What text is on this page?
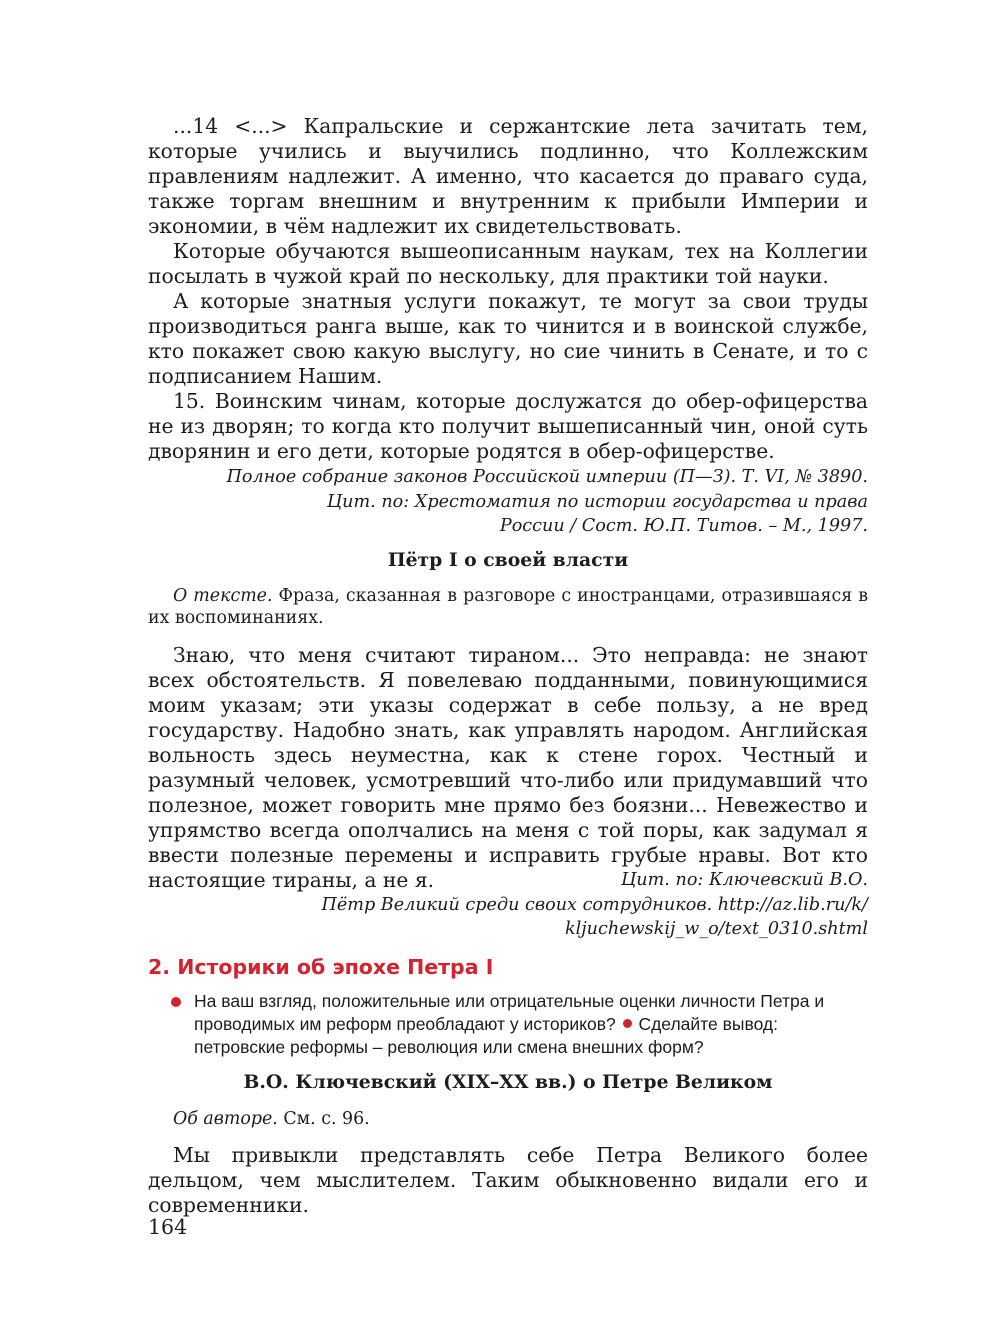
...14 <...> Капральские и сержантские лета зачитать тем, которые учились и выучились подлинно, что Коллежским правлениям надлежит. А именно, что касается до праваго суда, также торгам внешним и внутренним к прибыли Империи и экономии, в чём надлежит их свидетельствовать.

Которые обучаются вышеописанным наукам, тех на Коллегии посылать в чужой край по нескольку, для практики той науки.

А которые знатныя услуги покажут, те могут за свои труды производиться ранга выше, как то чинится и в воинской службе, кто покажет свою какую выслугу, но сие чинить в Сенате, и то с подписанием Нашим.

15. Воинским чинам, которые дослужатся до обер-офицерства не из дворян; то когда кто получит вышеписанный чин, оной суть дворянин и его дети, которые родятся в обер-офицерстве.

Полное собрание законов Российской империи (П—З). Т. VI, № 3890.
Цит. по: Хрестоматия по истории государства и права
России / Сост. Ю.П. Титов. – М., 1997.
Пётр I о своей власти

О тексте. Фраза, сказанная в разговоре с иностранцами, отразившаяся в их воспоминаниях.

Знаю, что меня считают тираном... Это неправда: не знают всех обстоятельств. Я повелеваю подданными, повинующимися моим указам; эти указы содержат в себе пользу, а не вред государству. Надобно знать, как управлять народом. Английская вольность здесь неуместна, как к стене горох. Честный и разумный человек, усмотревший что-либо или придумавший что полезное, может говорить мне прямо без боязни... Невежество и упрямство всегда ополчались на меня с той поры, как задумал я ввести полезные перемены и исправить грубые нравы. Вот кто настоящие тираны, а не я.	Цит. по: Ключевский В.О.
Пётр Великий среди своих сотрудников. http://az.lib.ru/k/
kljuchewskij_w_o/text_0310.shtml
2. Историки об эпохе Петра I

На ваш взгляд, положительные или отрицательные оценки личности Петра и проводимых им реформ преобладают у историков?  Сделайте вывод: петровские реформы – революция или смена внешних форм?

В.О. Ключевский (XIX–XX вв.) о Петре Великом

Об авторе. См. с. 96.

Мы привыкли представлять себе Петра Великого более дельцом, чем мыслителем. Таким обыкновенно видали его и современники.

164
